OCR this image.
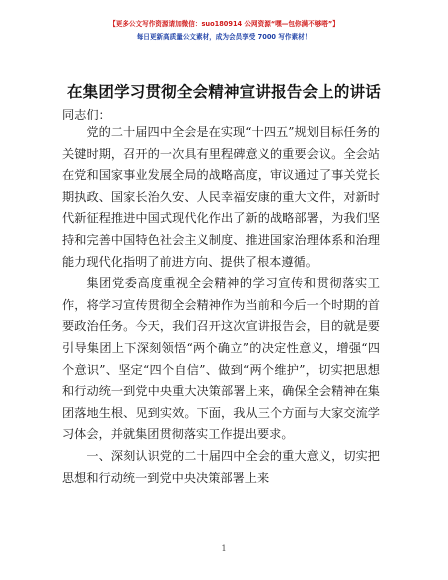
【更多公文写作资源请加微信：suo180914 公网资源“嘿—包你满不够嗒”】
每日更新高质量公文素材，成为会员享受 7000 写作素材！
在集团学习贯彻全会精神宣讲报告会上的讲话
同志们：

党的二十届四中全会是在实现“十四五”规划目标任务的关键时期，召开的一次具有里程碑意义的重要会议。全会站在党和国家事业发展全局的战略高度，审议通过了事关党长期执政、国家长治久安、人民幸福安康的重大文件，对新时代新征程推进中国式现代化作出了新的战略部署，为我们坚持和完善中国特色社会主义制度、推进国家治理体系和治理能力现代化指明了前进方向、提供了根本遵循。

集团党委高度重视全会精神的学习宣传和贯彻落实工作，将学习宣传贯彻全会精神作为当前和今后一个时期的首要政治任务。今天，我们召开这次宣讲报告会，目的就是要引导集团上下深刻领悟“两个确立”的决定性意义，增强“四个意识”、坚定“四个自信”、做到“两个维护”，切实把思想和行动统一到党中央重大决策部署上来，确保全会精神在集团落地生根、见到实效。下面，我从三个方面与大家交流学习体会，并就集团贯彻落实工作提出要求。

一、深刻认识党的二十届四中全会的重大意义，切实把思想和行动统一到党中央决策部署上来

1
